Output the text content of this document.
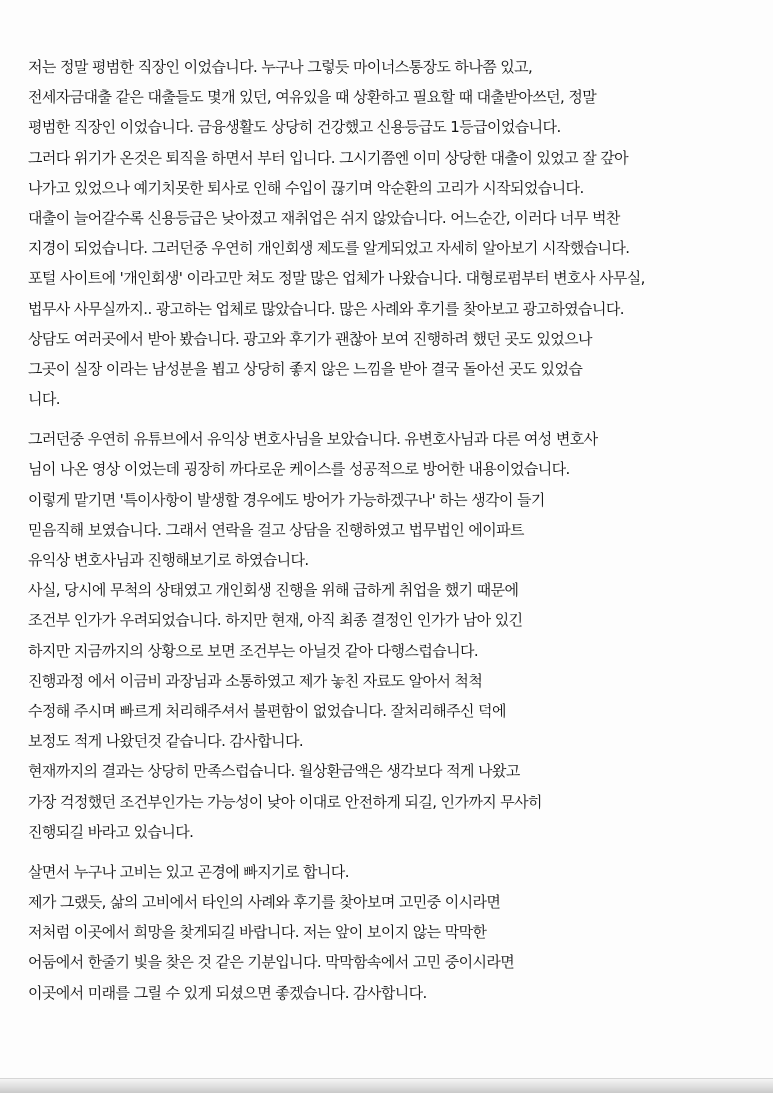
저는 정말 평범한 직장인 이었습니다. 누구나 그렇듯 마이너스통장도 하나쯤 있고,
전세자금대출 같은 대출들도 몇개 있던, 여유있을 때 상환하고 필요할 때 대출받아쓰던, 정말
평범한 직장인 이었습니다. 금융생활도 상당히 건강했고 신용등급도 1등급이었습니다.
그러다 위기가 온것은 퇴직을 하면서 부터 입니다. 그시기쯤엔 이미 상당한 대출이 있었고 잘 갚아
나가고 있었으나 예기치못한 퇴사로 인해 수입이 끊기며 악순환의 고리가 시작되었습니다.
대출이 늘어갈수록 신용등급은 낮아졌고 재취업은 쉬지 않았습니다. 어느순간, 이러다 너무 벅찬
지경이 되었습니다. 그러던중 우연히 개인회생 제도를 알게되었고 자세히 알아보기 시작했습니다.
포털 사이트에 '개인회생' 이라고만 쳐도 정말 많은 업체가 나왔습니다. 대형로펌부터 변호사 사무실,
법무사 사무실까지.. 광고하는 업체로 많았습니다. 많은 사례와 후기를 찾아보고 광고하였습니다.
상담도 여러곳에서 받아 봤습니다. 광고와 후기가 괜찮아 보여 진행하려 했던 곳도 있었으나
그곳이 실장 이라는 남성분을 뵙고 상당히 좋지 않은 느낌을 받아 결국 돌아선 곳도 있었습
니다.
그러던중 우연히 유튜브에서 유익상 변호사님을 보았습니다. 유변호사님과 다른 여성 변호사
님이 나온 영상 이었는데 굉장히 까다로운 케이스를 성공적으로 방어한 내용이었습니다.
이렇게 맡기면 '특이사항이 발생할 경우에도 방어가 가능하겠구나' 하는 생각이 들기
믿음직해 보였습니다. 그래서 연락을 걸고 상담을 진행하였고 법무법인 에이파트
유익상 변호사님과 진행해보기로 하였습니다.
사실, 당시에 무척의 상태였고 개인회생 진행을 위해 급하게 취업을 했기 때문에
조건부 인가가 우려되었습니다. 하지만 현재, 아직 최종 결정인 인가가 남아 있긴
하지만 지금까지의 상황으로 보면 조건부는 아닐것 같아 다행스럽습니다.
진행과정 에서 이금비 과장님과 소통하였고 제가 놓친 자료도 알아서 척척
수정해 주시며 빠르게 처리해주셔서 불편함이 없었습니다. 잘처리해주신 덕에
보정도 적게 나왔던것 같습니다. 감사합니다.
현재까지의 결과는 상당히 만족스럽습니다. 월상환금액은 생각보다 적게 나왔고
가장 걱정했던 조건부인가는 가능성이 낮아 이대로 안전하게 되길, 인가까지 무사히
진행되길 바라고 있습니다.
살면서 누구나 고비는 있고 곤경에 빠지기로 합니다.
제가 그랬듯, 삶의 고비에서 타인의 사례와 후기를 찾아보며 고민중 이시라면
저처럼 이곳에서 희망을 찾게되길 바랍니다. 저는 앞이 보이지 않는 막막한
어둠에서 한줄기 빛을 찾은 것 같은 기분입니다. 막막함속에서 고민 중이시라면
이곳에서 미래를 그릴 수 있게 되셨으면 좋겠습니다. 감사합니다.
